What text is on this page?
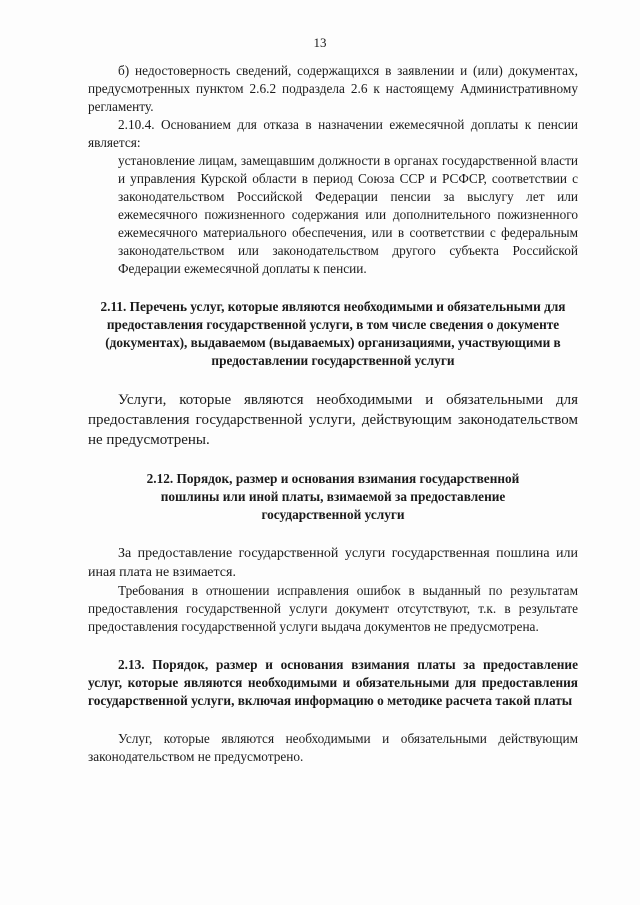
13

б) недостоверность сведений, содержащихся в заявлении и (или) документах, предусмотренных пунктом 2.6.2 подраздела 2.6 к настоящему Административному регламенту.

2.10.4. Основанием для отказа в назначении ежемесячной доплаты к пенсии является:

установление лицам, замещавшим должности в органах государственной власти и управления Курской области в период Союза ССР и РСФСР, соответствии с законодательством Российской Федерации пенсии за выслугу лет или ежемесячного пожизненного содержания или дополнительного пожизненного ежемесячного материального обеспечения, или в соответствии с федеральным законодательством или законодательством другого субъекта Российской Федерации ежемесячной доплаты к пенсии.

2.11. Перечень услуг, которые являются необходимыми и обязательными для предоставления государственной услуги, в том числе сведения о документе (документах), выдаваемом (выдаваемых) организациями, участвующими в предоставлении государственной услуги

Услуги, которые являются необходимыми и обязательными для предоставления государственной услуги, действующим законодательством не предусмотрены.

2.12. Порядок, размер и основания взимания государственной пошлины или иной платы, взимаемой за предоставление государственной услуги

За предоставление государственной услуги государственная пошлина или иная плата не взимается.

Требования в отношении исправления ошибок в выданный по результатам предоставления государственной услуги документ отсутствуют, т.к. в результате предоставления государственной услуги выдача документов не предусмотрена.

2.13. Порядок, размер и основания взимания платы за предоставление услуг, которые являются необходимыми и обязательными для предоставления государственной услуги, включая информацию о методике расчета такой платы

Услуг, которые являются необходимыми и обязательными действующим законодательством не предусмотрено.
